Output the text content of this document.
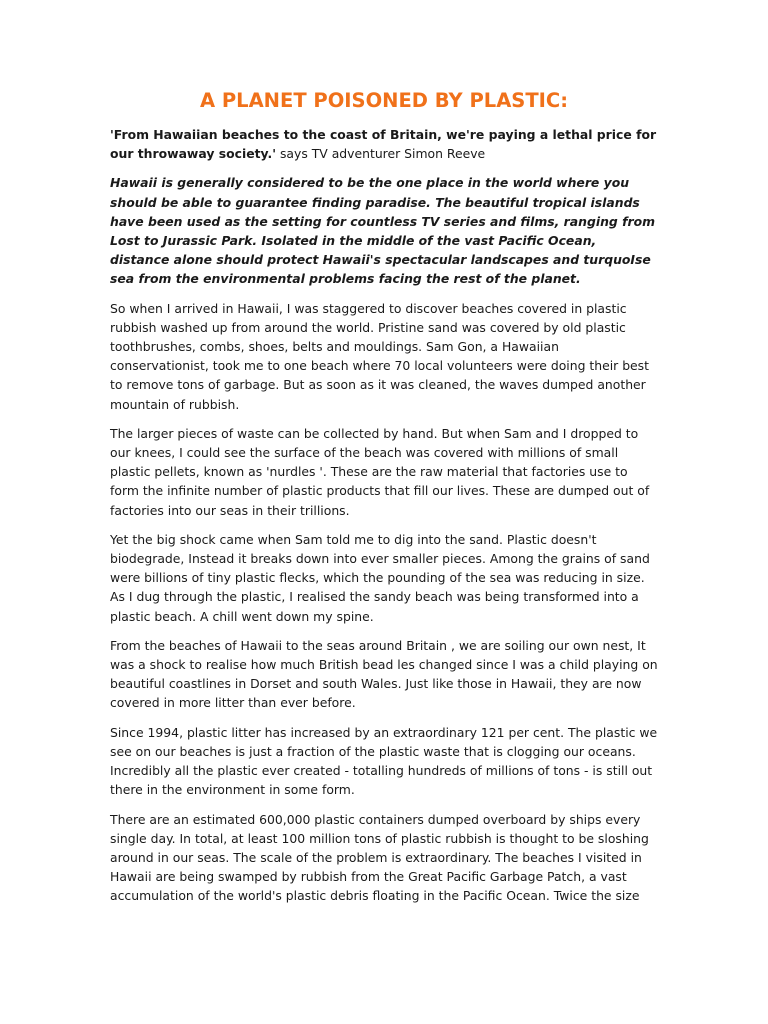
A PLANET POISONED BY PLASTIC:

'From Hawaiian beaches to the coast of Britain, we're paying a lethal price for our throwaway society.' says TV adventurer Simon Reeve

Hawaii is generally considered to be the one place in the world where you should be able to guarantee finding paradise. The beautiful tropical islands have been used as the setting for countless TV series and films, ranging from Lost to Jurassic Park. Isolated in the middle of the vast Pacific Ocean, distance alone should protect Hawaii's spectacular landscapes and turquoIse sea from the environmental problems facing the rest of the planet.

So when I arrived in Hawaii, I was staggered to discover beaches covered in plastic rubbish washed up from around the world. Pristine sand was covered by old plastic toothbrushes, combs, shoes, belts and mouldings. Sam Gon, a Hawaiian conservationist, took me to one beach where 70 local volunteers were doing their best to remove tons of garbage. But as soon as it was cleaned, the waves dumped another mountain of rubbish.

The larger pieces of waste can be collected by hand. But when Sam and I dropped to our knees, I could see the surface of the beach was covered with millions of small plastic pellets, known as 'nurdles '. These are the raw material that factories use to form the infinite number of plastic products that fill our lives. These are dumped out of factories into our seas in their trillions.

Yet the big shock came when Sam told me to dig into the sand. Plastic doesn't biodegrade, Instead it breaks down into ever smaller pieces. Among the grains of sand were billions of tiny plastic flecks, which the pounding of the sea was reducing in size. As I dug through the plastic, I realised the sandy beach was being transformed into a plastic beach. A chill went down my spine.

From the beaches of Hawaii to the seas around Britain , we are soiling our own nest, It was a shock to realise how much British bead les changed since I was a child playing on beautiful coastlines in Dorset and south Wales. Just like those in Hawaii, they are now covered in more litter than ever before.

Since 1994, plastic litter has increased by an extraordinary 121 per cent. The plastic we see on our beaches is just a fraction of the plastic waste that is clogging our oceans. Incredibly all the plastic ever created - totalling hundreds of millions of tons - is still out there in the environment in some form.

There are an estimated 600,000 plastic containers dumped overboard by ships every single day. In total, at least 100 million tons of plastic rubbish is thought to be sloshing around in our seas. The scale of the problem is extraordinary. The beaches I visited in Hawaii are being swamped by rubbish from the Great Pacific Garbage Patch, a vast accumulation of the world's plastic debris floating in the Pacific Ocean. Twice the size
